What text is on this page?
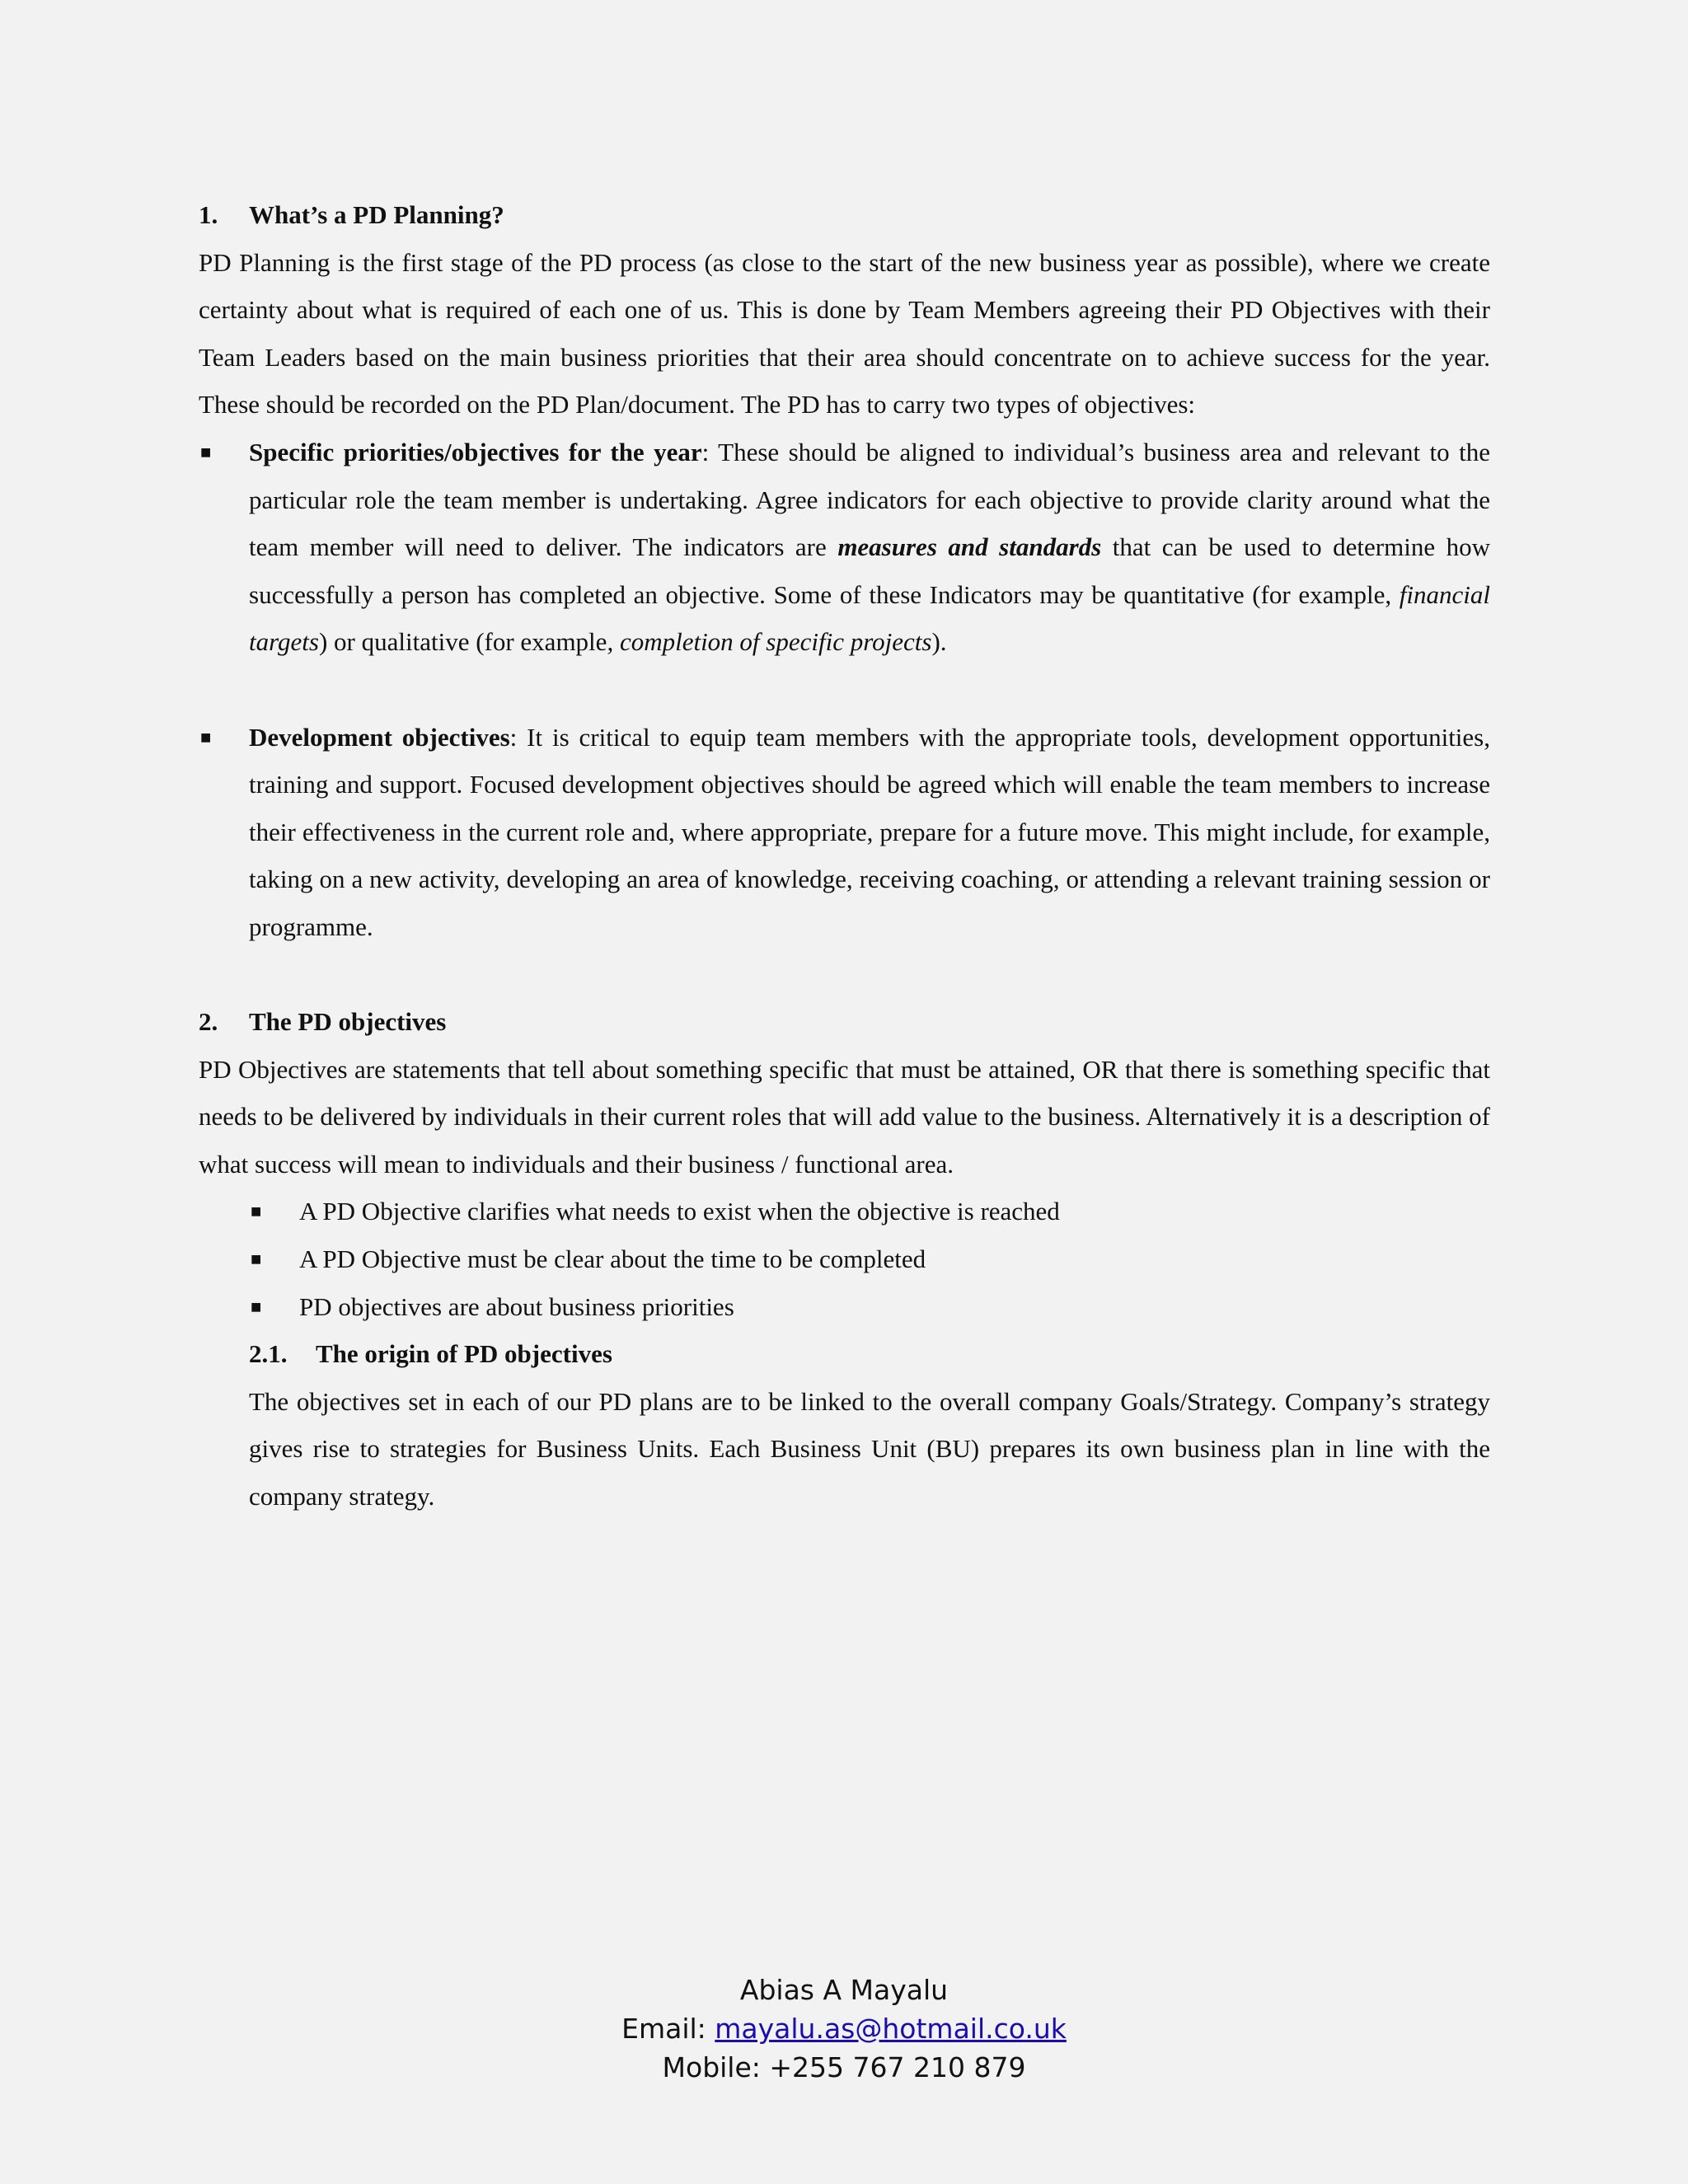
1. What’s a PD Planning?

PD Planning is the first stage of the PD process (as close to the start of the new business year as possible), where we create certainty about what is required of each one of us. This is done by Team Members agreeing their PD Objectives with their Team Leaders based on the main business priorities that their area should concentrate on to achieve success for the year. These should be recorded on the PD Plan/document. The PD has to carry two types of objectives:

■ Specific priorities/objectives for the year: These should be aligned to individual’s business area and relevant to the particular role the team member is undertaking. Agree indicators for each objective to provide clarity around what the team member will need to deliver. The indicators are measures and standards that can be used to determine how successfully a person has completed an objective. Some of these Indicators may be quantitative (for example, financial targets) or qualitative (for example, completion of specific projects).
■ Development objectives: It is critical to equip team members with the appropriate tools, development opportunities, training and support. Focused development objectives should be agreed which will enable the team members to increase their effectiveness in the current role and, where appropriate, prepare for a future move. This might include, for example, taking on a new activity, developing an area of knowledge, receiving coaching, or attending a relevant training session or programme.
2. The PD objectives

PD Objectives are statements that tell about something specific that must be attained, OR that there is something specific that needs to be delivered by individuals in their current roles that will add value to the business. Alternatively it is a description of what success will mean to individuals and their business / functional area.

■ A PD Objective clarifies what needs to exist when the objective is reached
■ A PD Objective must be clear about the time to be completed
■ PD objectives are about business priorities
2.1. The origin of PD objectives
The objectives set in each of our PD plans are to be linked to the overall company Goals/Strategy. Company’s strategy gives rise to strategies for Business Units. Each Business Unit (BU) prepares its own business plan in line with the company strategy.
Abias A Mayalu
Email: mayalu.as@hotmail.co.uk
Mobile: +255 767 210 879
